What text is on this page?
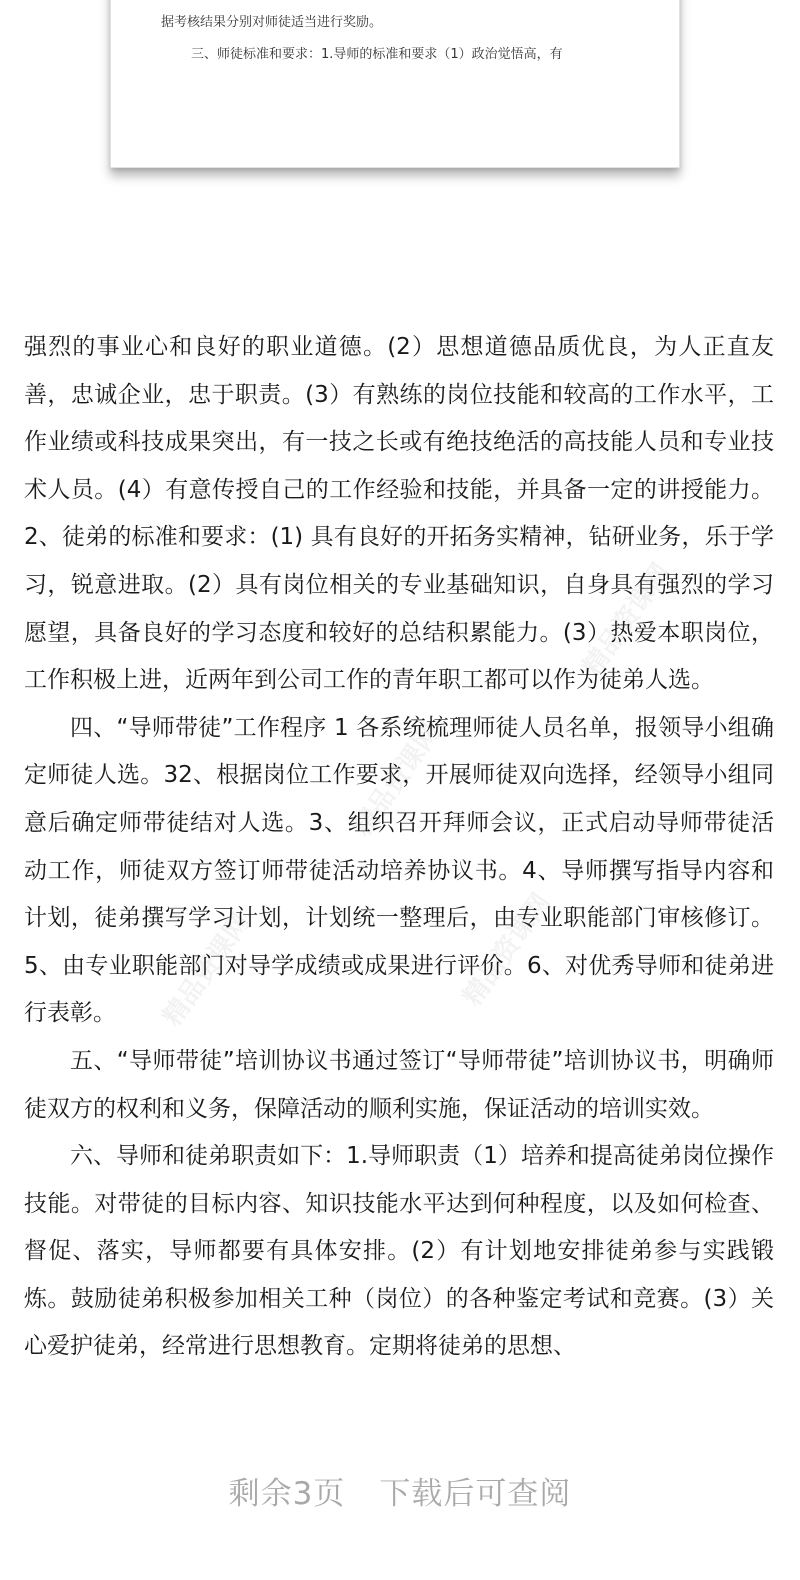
精品资课网
精品资课网
精品资课网	精品资课网
据考核结果分别对师徒适当进行奖励。
三、师徒标准和要求：1.导师的标准和要求（1）政治觉悟高，有

强烈的事业心和良好的职业道德。(2）思想道德品质优良，为人正直友善，忠诚企业，忠于职责。(3）有熟练的岗位技能和较高的工作水平，工作业绩或科技成果突出，有一技之长或有绝技绝活的高技能人员和专业技术人员。(4）有意传授自己的工作经验和技能，并具备一定的讲授能力。2、徒弟的标准和要求：(1) 具有良好的开拓务实精神，钻研业务，乐于学习，锐意进取。(2）具有岗位相关的专业基础知识，自身具有强烈的学习愿望，具备良好的学习态度和较好的总结积累能力。(3）热爱本职岗位，工作积极上进，近两年到公司工作的青年职工都可以作为徒弟人选。

四、“导师带徒”工作程序 1 各系统梳理师徒人员名单，报领导小组确定师徒人选。32、根据岗位工作要求，开展师徒双向选择，经领导小组同意后确定师带徒结对人选。3、组织召开拜师会议，正式启动导师带徒活动工作，师徒双方签订师带徒活动培养协议书。4、导师撰写指导内容和计划，徒弟撰写学习计划，计划统一整理后，由专业职能部门审核修订。5、由专业职能部门对导学成绩或成果进行评价。6、对优秀导师和徒弟进行表彰。

五、“导师带徒”培训协议书通过签订“导师带徒”培训协议书，明确师徒双方的权利和义务，保障活动的顺利实施，保证活动的培训实效。

六、导师和徒弟职责如下：1.导师职责（1）培养和提高徒弟岗位操作技能。对带徒的目标内容、知识技能水平达到何种程度，以及如何检查、督促、落实，导师都要有具体安排。(2）有计划地安排徒弟参与实践锻炼。鼓励徒弟积极参加相关工种（岗位）的各种鉴定考试和竞赛。(3）关心爱护徒弟，经常进行思想教育。定期将徒弟的思想、

剩余3页 下载后可查阅
